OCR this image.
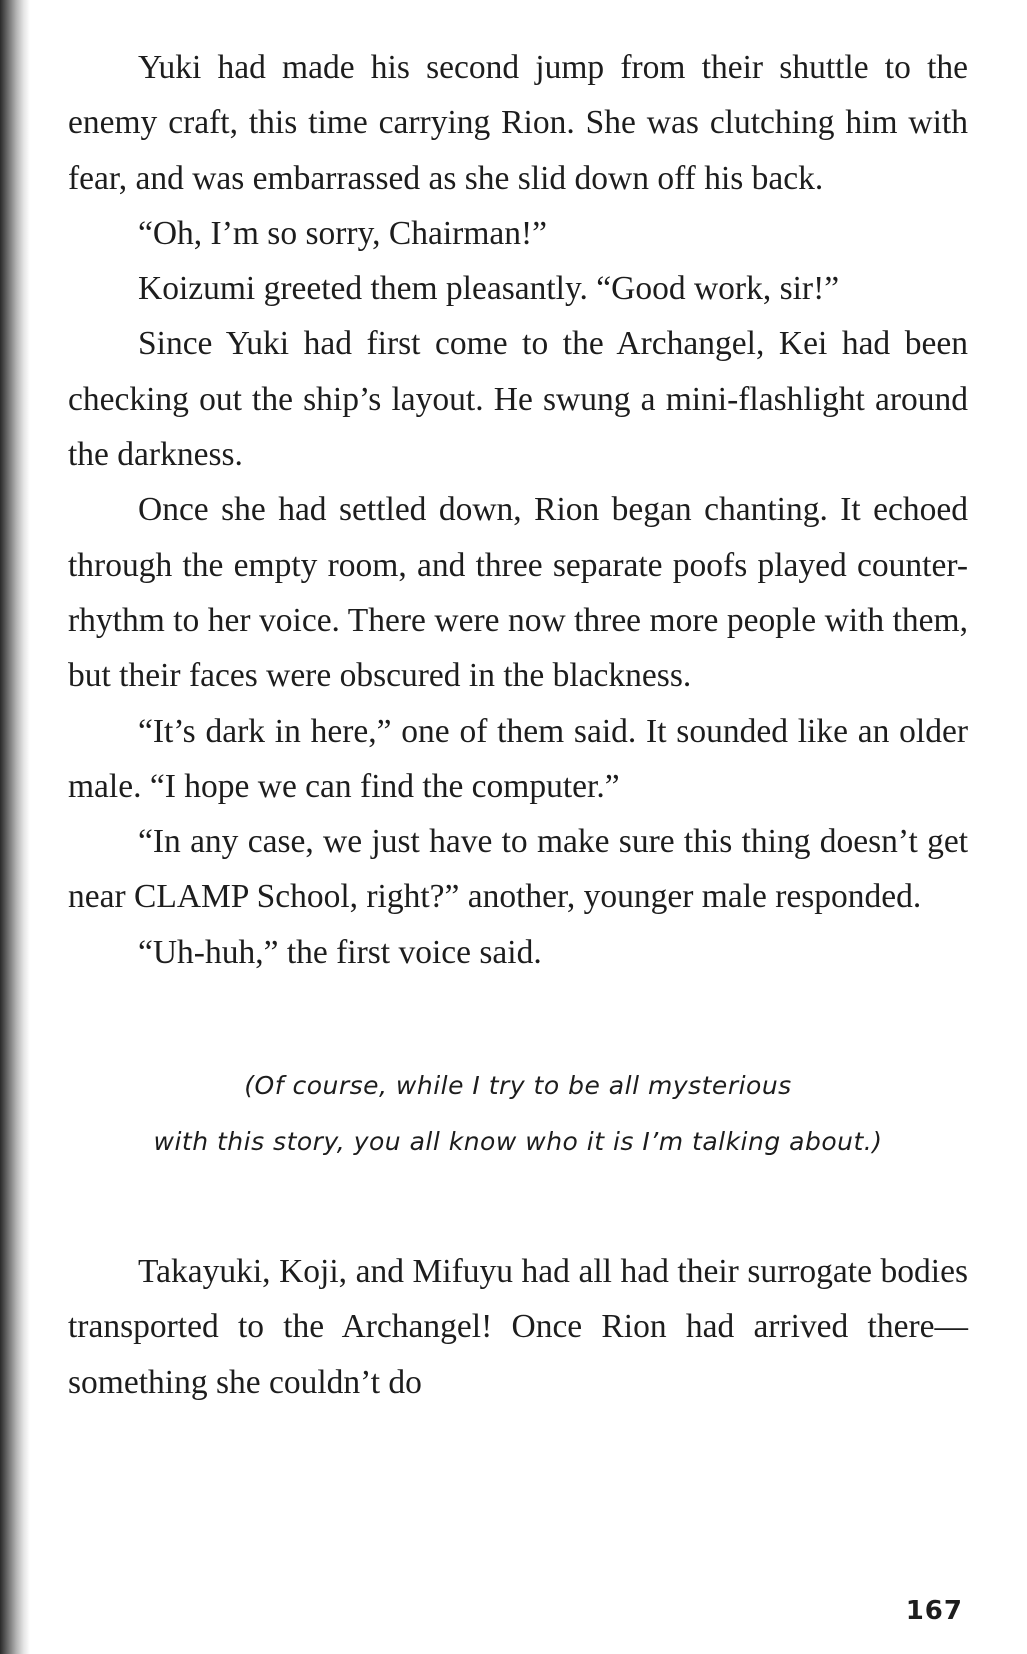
Yuki had made his second jump from their shuttle to the enemy craft, this time carrying Rion. She was clutching him with fear, and was embarrassed as she slid down off his back.

“Oh, I’m so sorry, Chairman!”

Koizumi greeted them pleasantly. “Good work, sir!”

Since Yuki had first come to the Archangel, Kei had been checking out the ship’s layout. He swung a mini-flashlight around the darkness.

Once she had settled down, Rion began chanting. It echoed through the empty room, and three separate poofs played counter-rhythm to her voice. There were now three more people with them, but their faces were obscured in the blackness.

“It’s dark in here,” one of them said. It sounded like an older male. “I hope we can find the computer.”

“In any case, we just have to make sure this thing doesn’t get near CLAMP School, right?” another, younger male responded.

“Uh-huh,” the first voice said.

(Of course, while I try to be all mysterious
with this story, you all know who it is I’m talking about.)

Takayuki, Koji, and Mifuyu had all had their surrogate bodies transported to the Archangel! Once Rion had arrived there—something she couldn’t do

167
